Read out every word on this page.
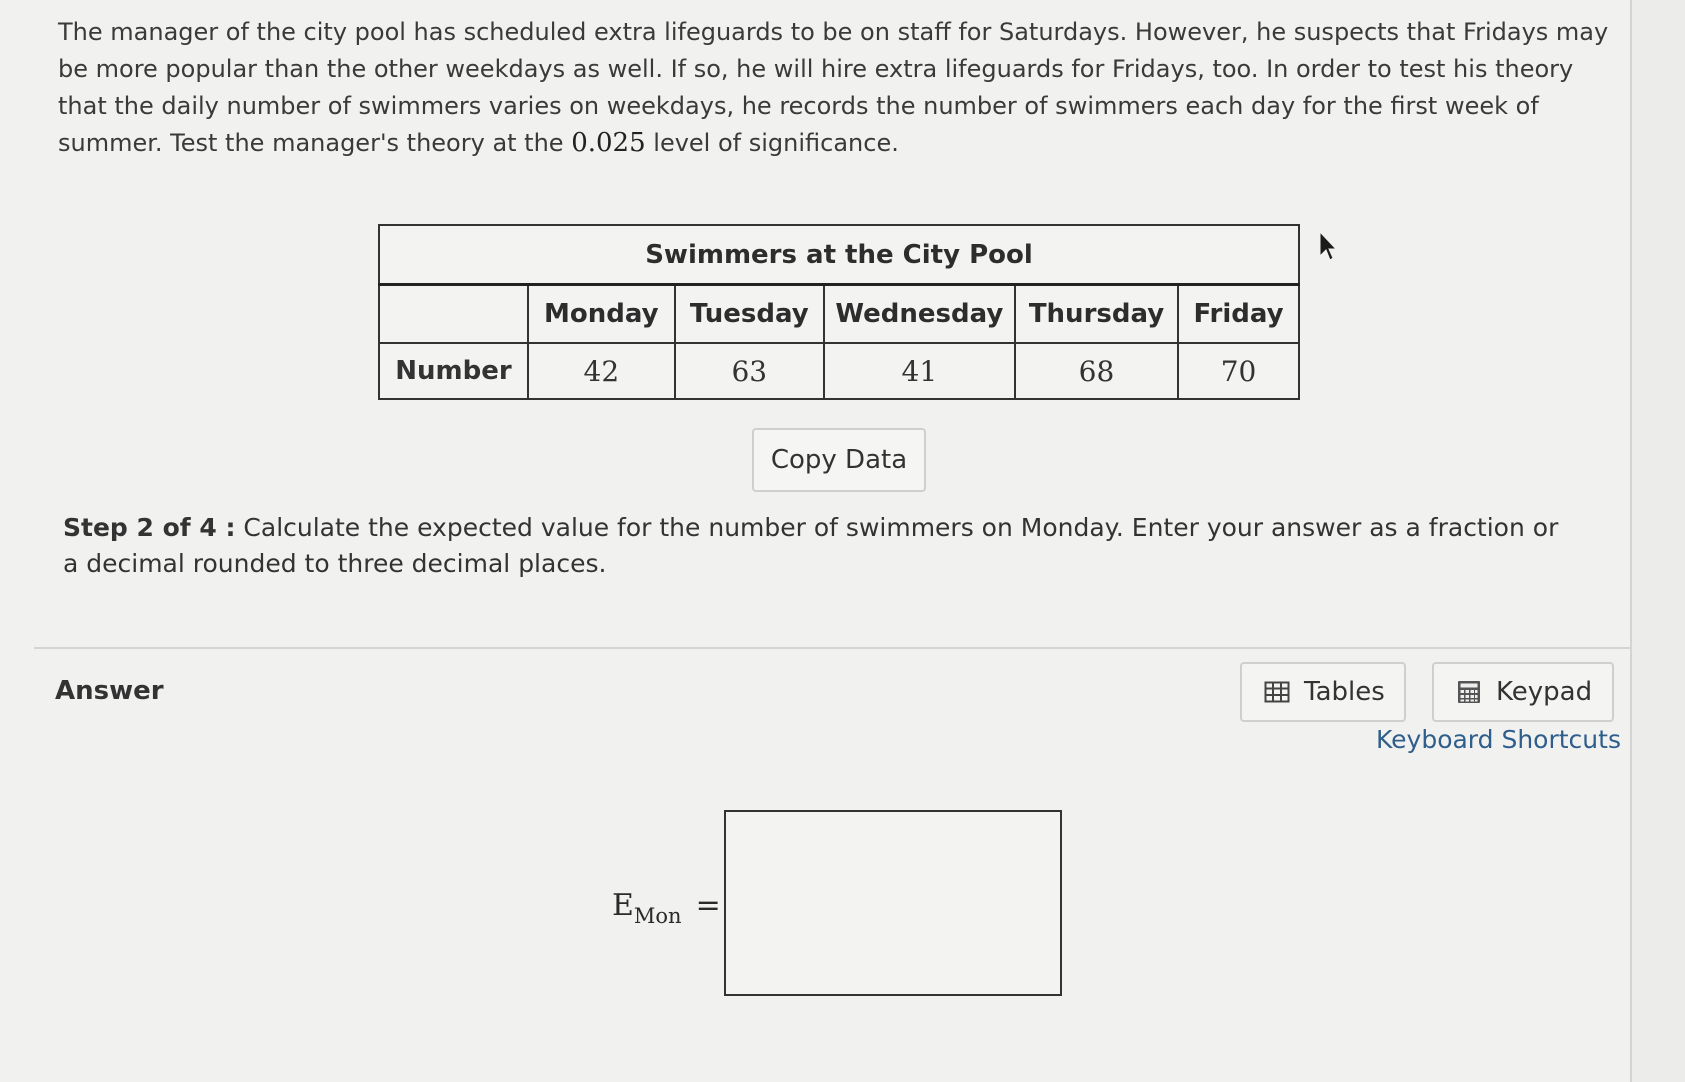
The manager of the city pool has scheduled extra lifeguards to be on staff for Saturdays. However, he suspects that Fridays may be more popular than the other weekdays as well. If so, he will hire extra lifeguards for Fridays, too. In order to test his theory that the daily number of swimmers varies on weekdays, he records the number of swimmers each day for the first week of summer. Test the manager's theory at the 0.025 level of significance.

Swimmers at the City Pool					
	Monday	Tuesday	Wednesday	Thursday	Friday
Number	42	63	41	68	70
Copy Data

Step 2 of 4 : Calculate the expected value for the number of swimmers on Monday. Enter your answer as a fraction or a decimal rounded to three decimal places.

Answer	Tables	Keypad
Keyboard Shortcuts
$E_{Mon}$ =
